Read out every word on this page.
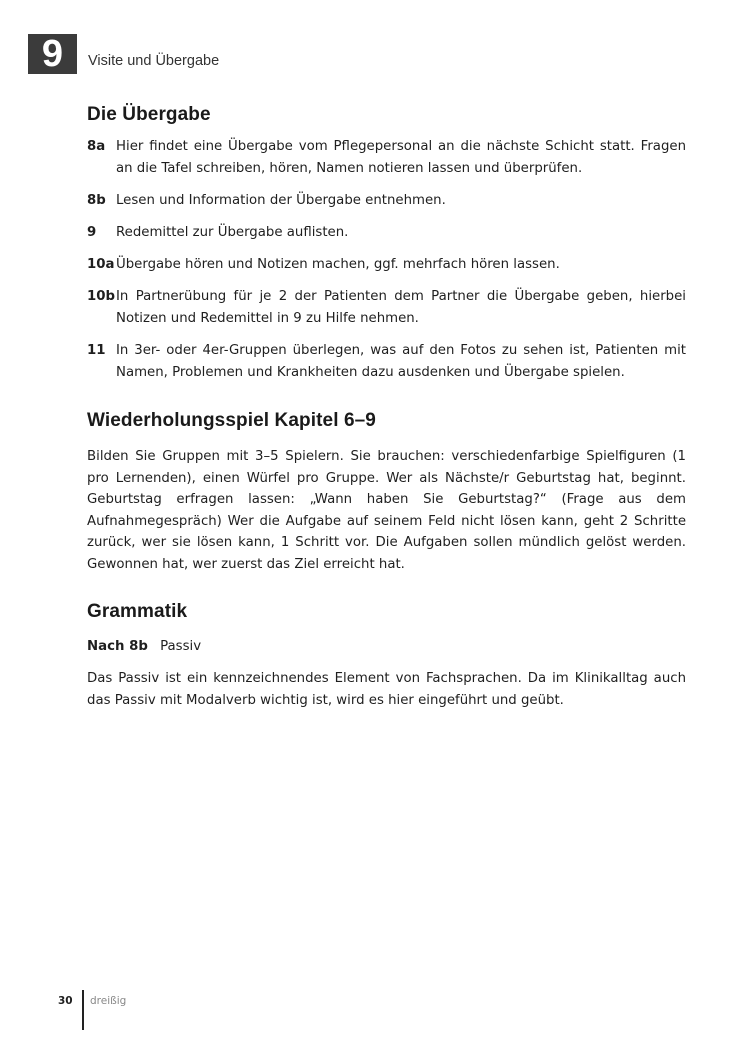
9	Visite und Übergabe
Die Übergabe
8a Hier findet eine Übergabe vom Pflegepersonal an die nächste Schicht statt. Fragen an die Tafel schreiben, hören, Namen notieren lassen und überprüfen.
8b Lesen und Information der Übergabe entnehmen.
9	Redemittel zur Übergabe auflisten.
10a Übergabe hören und Notizen machen, ggf. mehrfach hören lassen.
10b In Partnerübung für je 2 der Patienten dem Partner die Übergabe geben, hierbei Notizen und Redemittel in 9 zu Hilfe nehmen.
11 In 3er- oder 4er-Gruppen überlegen, was auf den Fotos zu sehen ist, Patienten mit Namen, Problemen und Krankheiten dazu ausdenken und Übergabe spielen.
Wiederholungsspiel Kapitel 6–9

Bilden Sie Gruppen mit 3–5 Spielern. Sie brauchen: verschiedenfarbige Spielfiguren (1 pro Lernenden), einen Würfel pro Gruppe. Wer als Nächste/r Geburtstag hat, beginnt. Geburtstag erfragen lassen: „Wann haben Sie Geburtstag?“ (Frage aus dem Aufnahmegespräch) Wer die Aufgabe auf seinem Feld nicht lösen kann, geht 2 Schritte zurück, wer sie lösen kann, 1 Schritt vor. Die Aufgaben sollen mündlich gelöst werden. Gewonnen hat, wer zuerst das Ziel erreicht hat.

Grammatik
Nach 8b Passiv

Das Passiv ist ein kennzeichnendes Element von Fachsprachen. Da im Klinikalltag auch das Passiv mit Modalverb wichtig ist, wird es hier eingeführt und geübt.

30 dreißig
